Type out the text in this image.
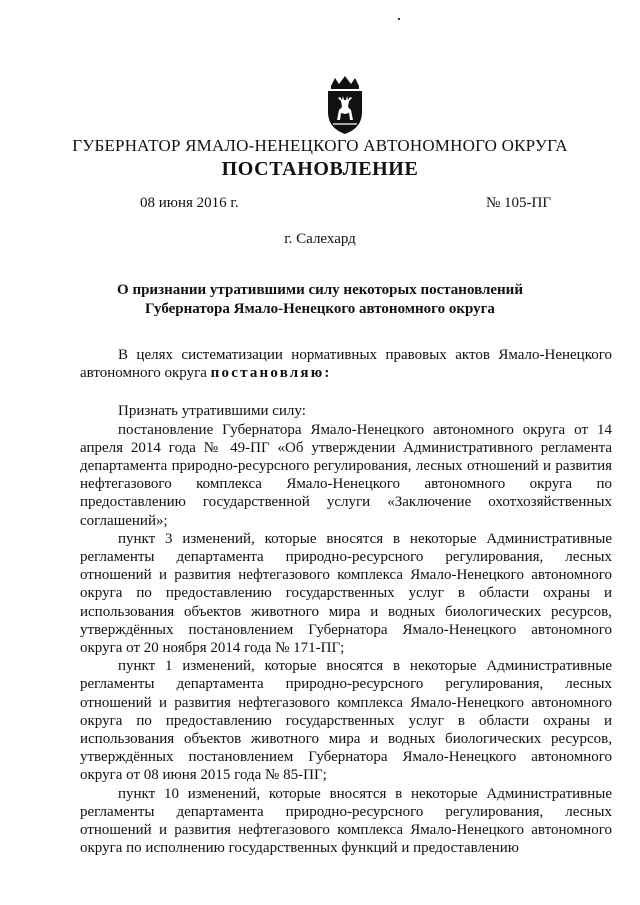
ГУБЕРНАТОР ЯМАЛО-НЕНЕЦКОГО АВТОНОМНОГО ОКРУГА
ПОСТАНОВЛЕНИЕ
08 июня 2016 г.	№ 105-ПГ
г. Салехард
О признании утратившими силу некоторых постановлений
Губернатора Ямало-Ненецкого автономного округа

В целях систематизации нормативных правовых актов Ямало-Ненецкого автономного округа постановляю:

Признать утратившими силу:

постановление Губернатора Ямало-Ненецкого автономного округа от 14 апреля 2014 года № 49-ПГ «Об утверждении Административного регламента департамента природно-ресурсного регулирования, лесных отношений и развития нефтегазового комплекса Ямало-Ненецкого автономного округа по предоставлению государственной услуги «Заключение охотхозяйственных соглашений»;

пункт 3 изменений, которые вносятся в некоторые Административные регламенты департамента природно-ресурсного регулирования, лесных отношений и развития нефтегазового комплекса Ямало-Ненецкого автономного округа по предоставлению государственных услуг в области охраны и использования объектов животного мира и водных биологических ресурсов, утверждённых постановлением Губернатора Ямало-Ненецкого автономного округа от 20 ноября 2014 года № 171-ПГ;

пункт 1 изменений, которые вносятся в некоторые Административные регламенты департамента природно-ресурсного регулирования, лесных отношений и развития нефтегазового комплекса Ямало-Ненецкого автономного округа по предоставлению государственных услуг в области охраны и использования объектов животного мира и водных биологических ресурсов, утверждённых постановлением Губернатора Ямало-Ненецкого автономного округа от 08 июня 2015 года № 85-ПГ;

пункт 10 изменений, которые вносятся в некоторые Административные регламенты департамента природно-ресурсного регулирования, лесных отношений и развития нефтегазового комплекса Ямало-Ненецкого автономного округа по исполнению государственных функций и предоставлению
